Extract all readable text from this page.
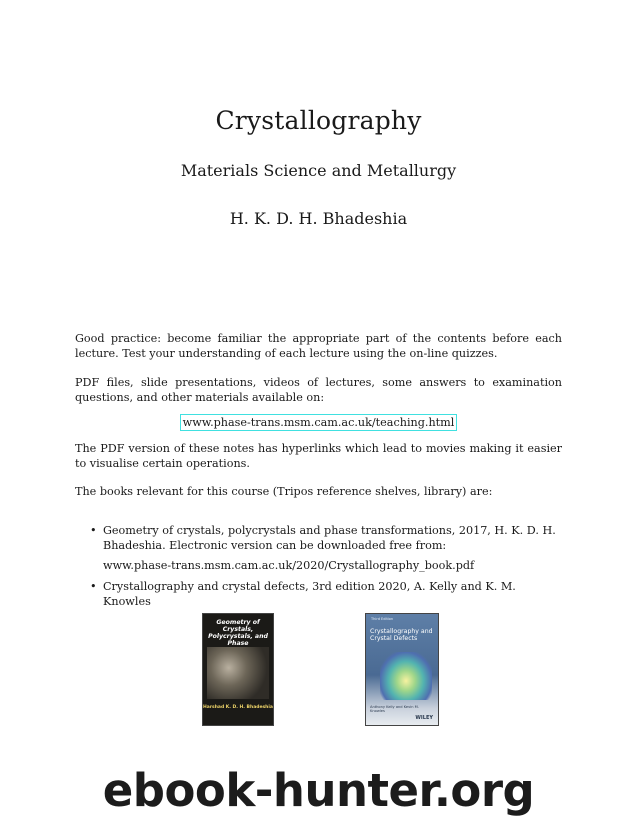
Crystallography
Materials Science and Metallurgy
H. K. D. H. Bhadeshia
Good practice: become familiar the appropriate part of the contents before each lecture. Test your understanding of each lecture using the on-line quizzes.
PDF files, slide presentations, videos of lectures, some answers to examination questions, and other materials available on:
www.phase-trans.msm.cam.ac.uk/teaching.html
The PDF version of these notes has hyperlinks which lead to movies making it easier to visualise certain operations.
The books relevant for this course (Tripos reference shelves, library) are:
• Geometry of crystals, polycrystals and phase transformations, 2017, H. K. D. H. Bhadeshia. Electronic version can be downloaded free from:
www.phase-trans.msm.cam.ac.uk/2020/Crystallography_book.pdf
• Crystallography and crystal defects, 3rd edition 2020, A. Kelly and K. M. Knowles
Geometry of Crystals, Polycrystals, and Phase
Harshad K. D. H. Bhadeshia
Third Edition
Crystallography and Crystal Defects
Anthony Kelly and Kevin M. Knowles
WILEY
ebook-hunter.org
